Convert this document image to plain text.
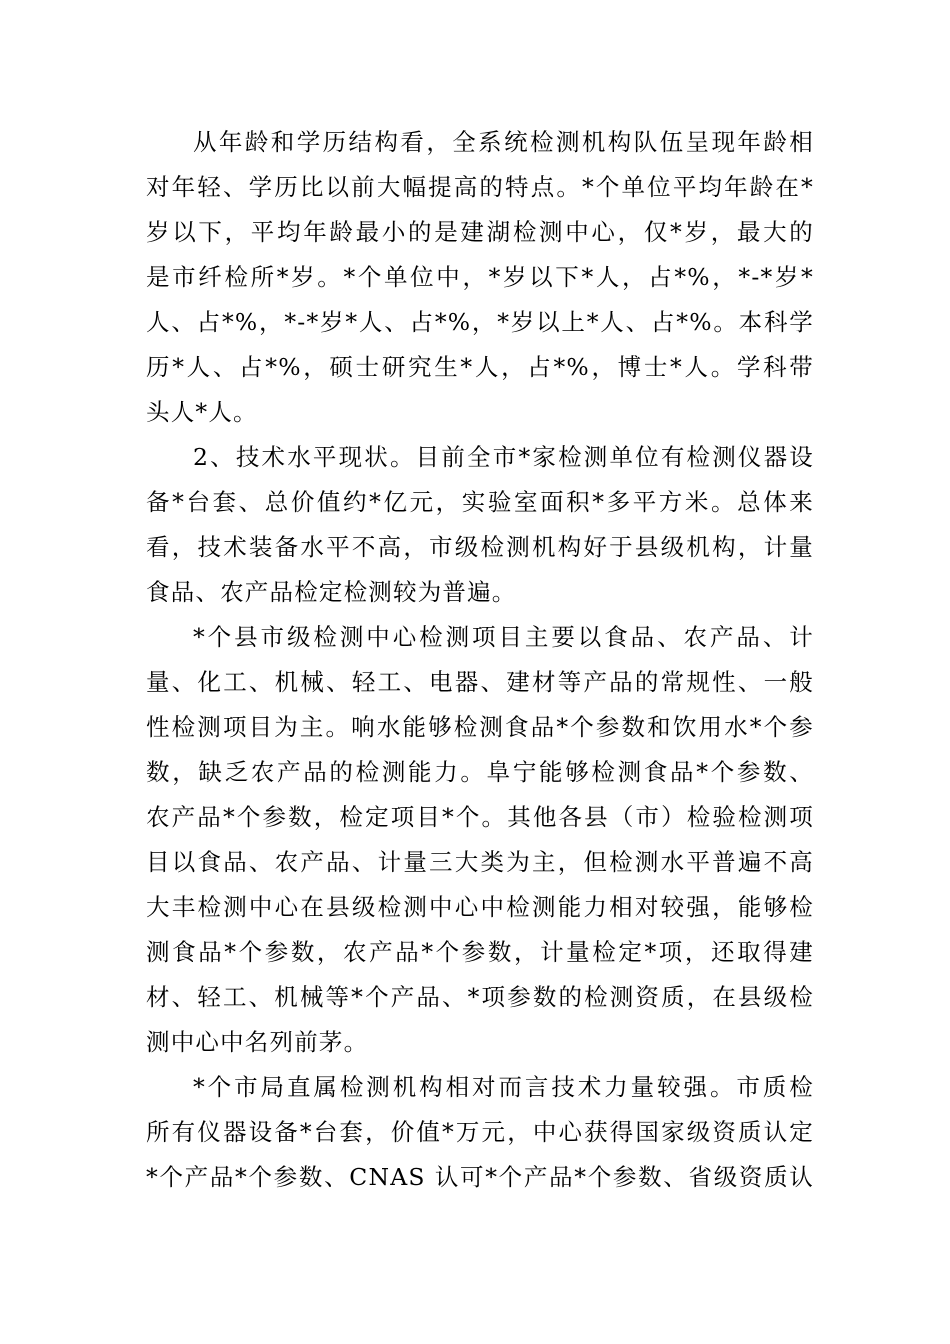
从年龄和学历结构看，全系统检测机构队伍呈现年龄相
对年轻、学历比以前大幅提高的特点。*个单位平均年龄在*
岁以下，平均年龄最小的是建湖检测中心，仅*岁，最大的
是市纤检所*岁。*个单位中，*岁以下*人，占*%，*-*岁*
人、占*%，*-*岁*人、占*%，*岁以上*人、占*%。本科学
历*人、占*%，硕士研究生*人，占*%，博士*人。学科带
头人*人。
2、技术水平现状。目前全市*家检测单位有检测仪器设
备*台套、总价值约*亿元，实验室面积*多平方米。总体来
看，技术装备水平不高，市级检测机构好于县级机构，计量
食品、农产品检定检测较为普遍。
*个县市级检测中心检测项目主要以食品、农产品、计
量、化工、机械、轻工、电器、建材等产品的常规性、一般
性检测项目为主。响水能够检测食品*个参数和饮用水*个参
数，缺乏农产品的检测能力。阜宁能够检测食品*个参数、
农产品*个参数，检定项目*个。其他各县（市）检验检测项
目以食品、农产品、计量三大类为主，但检测水平普遍不高
大丰检测中心在县级检测中心中检测能力相对较强，能够检
测食品*个参数，农产品*个参数，计量检定*项，还取得建
材、轻工、机械等*个产品、*项参数的检测资质，在县级检
测中心中名列前茅。
*个市局直属检测机构相对而言技术力量较强。市质检
所有仪器设备*台套，价值*万元，中心获得国家级资质认定
*个产品*个参数、CNAS 认可*个产品*个参数、省级资质认
